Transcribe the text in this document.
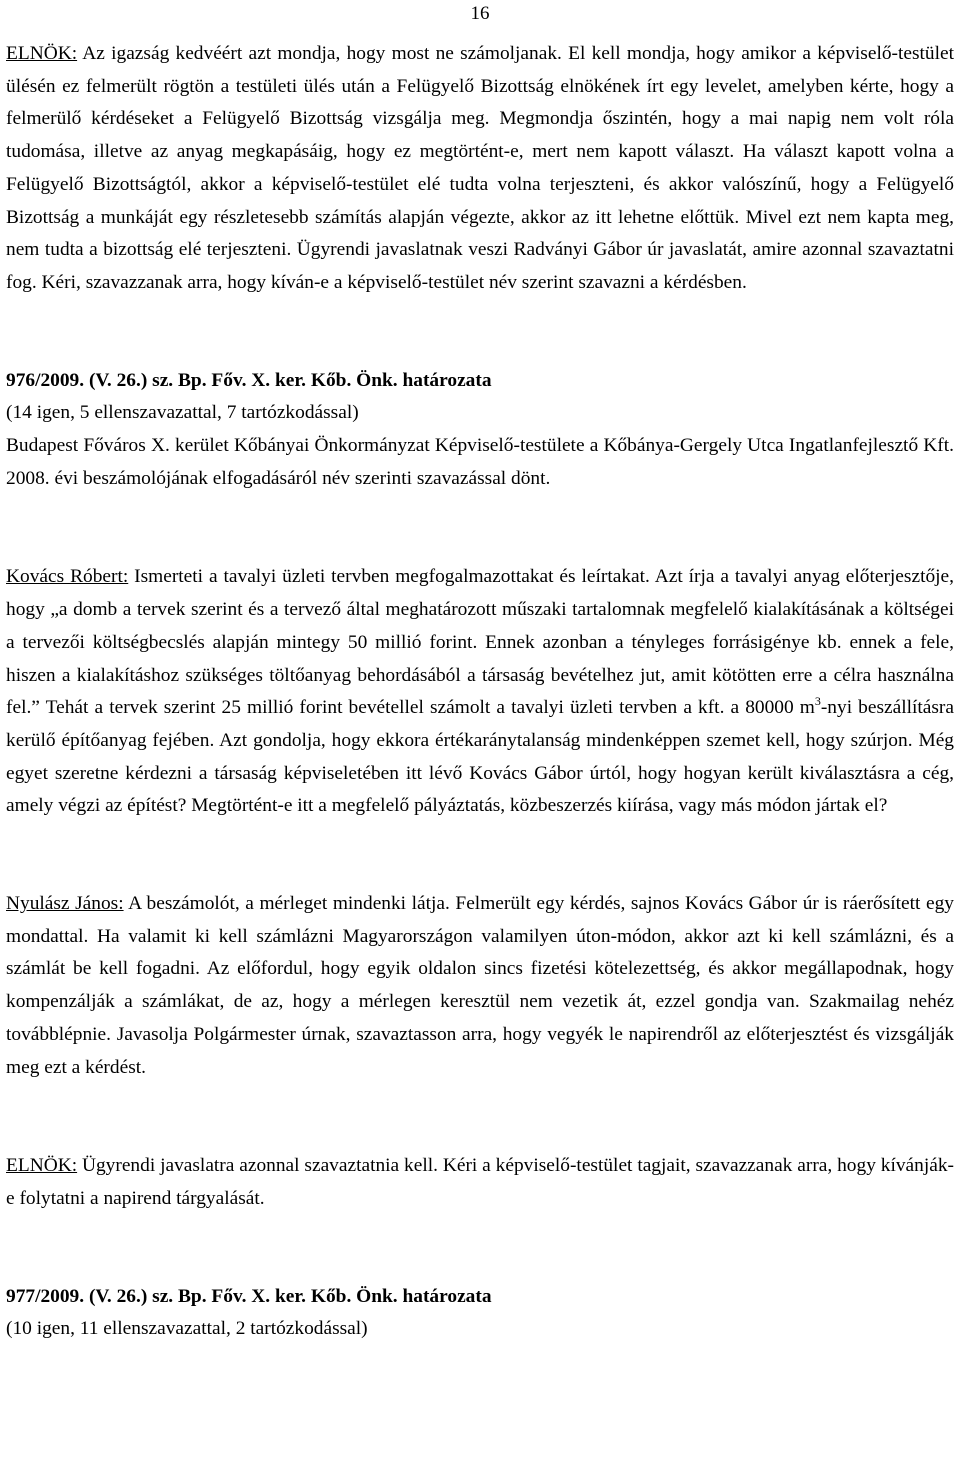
16

ELNÖK: Az igazság kedvéért azt mondja, hogy most ne számoljanak. El kell mondja, hogy amikor a képviselő-testület ülésén ez felmerült rögtön a testületi ülés után a Felügyelő Bizottság elnökének írt egy levelet, amelyben kérte, hogy a felmerülő kérdéseket a Felügyelő Bizottság vizsgálja meg. Megmondja őszintén, hogy a mai napig nem volt róla tudomása, illetve az anyag megkapásáig, hogy ez megtörtént-e, mert nem kapott választ. Ha választ kapott volna a Felügyelő Bizottságtól, akkor a képviselő-testület elé tudta volna terjeszteni, és akkor valószínű, hogy a Felügyelő Bizottság a munkáját egy részletesebb számítás alapján végezte, akkor az itt lehetne előttük. Mivel ezt nem kapta meg, nem tudta a bizottság elé terjeszteni. Ügyrendi javaslatnak veszi Radványi Gábor úr javaslatát, amire azonnal szavaztatni fog. Kéri, szavazzanak arra, hogy kíván-e a képviselő-testület név szerint szavazni a kérdésben.

976/2009. (V. 26.) sz. Bp. Főv. X. ker. Kőb. Önk. határozata
(14 igen, 5 ellenszavazattal, 7 tartózkodással)

Budapest Főváros X. kerület Kőbányai Önkormányzat Képviselő-testülete a Kőbánya-Gergely Utca Ingatlanfejlesztő Kft. 2008. évi beszámolójának elfogadásáról név szerinti szavazással dönt.

Kovács Róbert: Ismerteti a tavalyi üzleti tervben megfogalmazottakat és leírtakat. Azt írja a tavalyi anyag előterjesztője, hogy „a domb a tervek szerint és a tervező által meghatározott műszaki tartalomnak megfelelő kialakításának a költségei a tervezői költségbecslés alapján mintegy 50 millió forint. Ennek azonban a tényleges forrásigénye kb. ennek a fele, hiszen a kialakításhoz szükséges töltőanyag behordásából a társaság bevételhez jut, amit kötötten erre a célra használna fel.” Tehát a tervek szerint 25 millió forint bevétellel számolt a tavalyi üzleti tervben a kft. a 80000 $m^3$-nyi beszállításra kerülő építőanyag fejében. Azt gondolja, hogy ekkora értékaránytalanság mindenképpen szemet kell, hogy szúrjon. Még egyet szeretne kérdezni a társaság képviseletében itt lévő Kovács Gábor úrtól, hogy hogyan került kiválasztásra a cég, amely végzi az építést? Megtörtént-e itt a megfelelő pályáztatás, közbeszerzés kiírása, vagy más módon jártak el?

Nyulász János: A beszámolót, a mérleget mindenki látja. Felmerült egy kérdés, sajnos Kovács Gábor úr is ráerősített egy mondattal. Ha valamit ki kell számlázni Magyarországon valamilyen úton-módon, akkor azt ki kell számlázni, és a számlát be kell fogadni. Az előfordul, hogy egyik oldalon sincs fizetési kötelezettség, és akkor megállapodnak, hogy kompenzálják a számlákat, de az, hogy a mérlegen keresztül nem vezetik át, ezzel gondja van. Szakmailag nehéz továbblépnie. Javasolja Polgármester úrnak, szavaztasson arra, hogy vegyék le napirendről az előterjesztést és vizsgálják meg ezt a kérdést.

ELNÖK: Ügyrendi javaslatra azonnal szavaztatnia kell. Kéri a képviselő-testület tagjait, szavazzanak arra, hogy kívánják-e folytatni a napirend tárgyalását.

977/2009. (V. 26.) sz. Bp. Főv. X. ker. Kőb. Önk. határozata
(10 igen, 11 ellenszavazattal, 2 tartózkodással)
